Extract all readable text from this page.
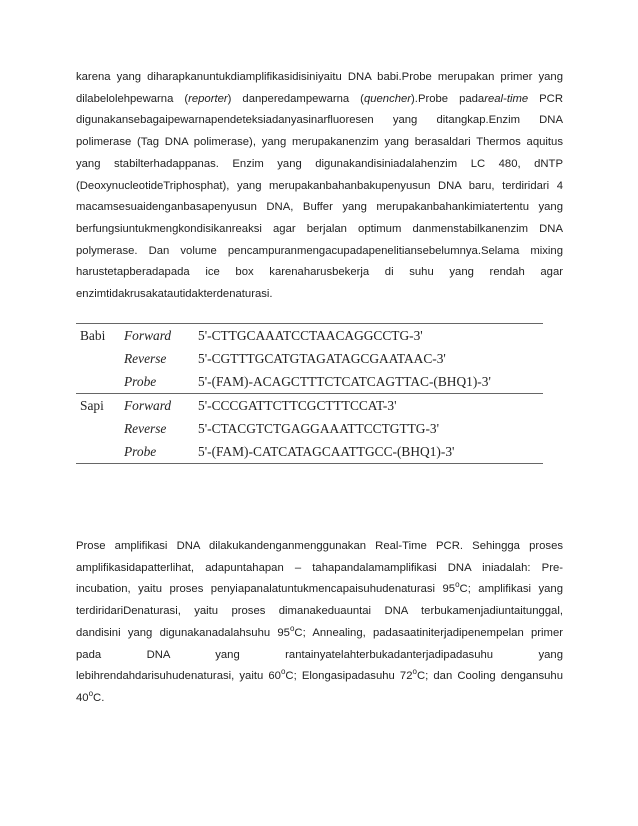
karena yang diharapkanuntukdiamplifikasidisiniyaitu DNA babi.Probe merupakan primer yang
dilabelolehpewarna (reporter) danperedampewarna (quencher).Probe padareal-time PCR
digunakansebagaipewarnapendeteksiadanyasinarfluoresen yang ditangkap.Enzim DNA
polimerase (Tag DNA polimerase), yang merupakanenzim yang berasaldari Thermos aquitus
yang stabilterhadappanas. Enzim yang digunakandisiniadalahenzim LC 480, dNTP
(DeoxynucleotideTriphosphat), yang merupakanbahanbakupenyusun DNA baru, terdiridari 4
macamsesuaidenganbasapenyusun DNA, Buffer yang merupakanbahankimiatertentu yang
berfungsiuntukmengkondisikanreaksi agar berjalan optimum danmenstabilkanenzim DNA
polymerase. Dan volume pencampuranmengacupadapenelitiansebelumnya.Selama mixing
harustetapberadapada ice box karenaharusbekerja di suhu yang rendah agar
enzimtidakrusakatautidakterdenaturasi.

Babi	Forward	5'-CTTGCAAATCCTAACAGGCCTG-3'
	Reverse	5'-CGTTTGCATGTAGATAGCGAATAAC-3'
	Probe	5'-(FAM)-ACAGCTTTCTCATCAGTTAC-(BHQ1)-3'
Sapi	Forward	5'-CCCGATTCTTCGCTTTCCAT-3'
	Reverse	5'-CTACGTCTGAGGAAATTCCTGTTG-3'
	Probe	5'-(FAM)-CATCATAGCAATTGCC-(BHQ1)-3'

Prose amplifikasi DNA dilakukandenganmenggunakan Real-Time PCR. Sehingga proses
amplifikasidapatterlihat, adapuntahapan – tahapandalamamplifikasi DNA iniadalah: Pre-
incubation, yaitu proses penyiapanalatuntukmencapaisuhudenaturasi 95$^o$C; amplifikasi yang
terdiridariDenaturasi, yaitu proses dimanakeduauntai DNA terbukamenjadiuntaitunggal,
dandisini yang digunakanadalahsuhu 95$^o$C; Annealing, padasaatiniterjadipenempelan primer
pada DNA yang rantainyatelahterbukadanterjadipadasuhu yang
lebihrendahdarisuhudenaturasi, yaitu 60$^o$C; Elongasipadasuhu 72$^o$C; dan Cooling dengansuhu
40$^o$C.
